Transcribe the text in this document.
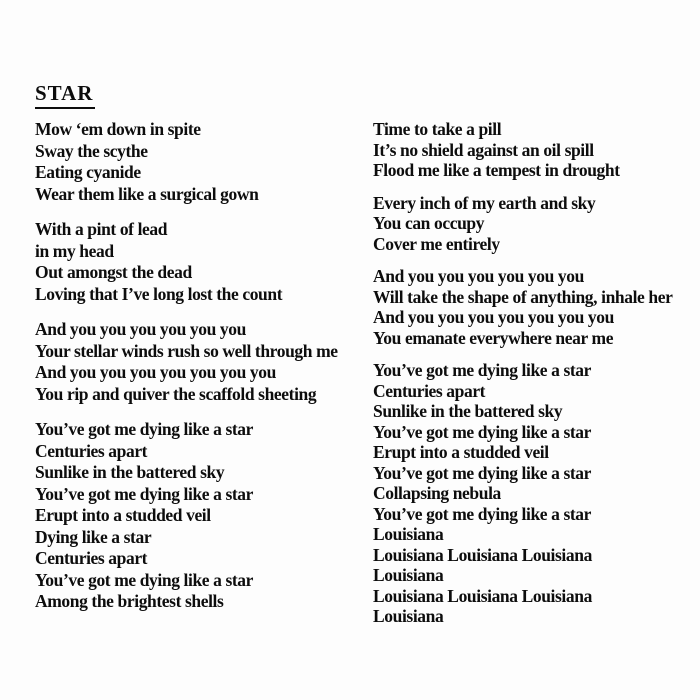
STAR
Mow ‘em down in spite
Sway the scythe
Eating cyanide
Wear them like a surgical gown
With a pint of lead
in my head
Out amongst the dead
Loving that I’ve long lost the count
And you you you you you you
Your stellar winds rush so well through me
And you you you you you you you
You rip and quiver the scaffold sheeting
You’ve got me dying like a star
Centuries apart
Sunlike in the battered sky
You’ve got me dying like a star
Erupt into a studded veil
Dying like a star
Centuries apart
You’ve got me dying like a star
Among the brightest shells
Time to take a pill
It’s no shield against an oil spill
Flood me like a tempest in drought
Every inch of my earth and sky
You can occupy
Cover me entirely
And you you you you you you
Will take the shape of anything, inhale her
And you you you you you you you
You emanate everywhere near me
You’ve got me dying like a star
Centuries apart
Sunlike in the battered sky
You’ve got me dying like a star
Erupt into a studded veil
You’ve got me dying like a star
Collapsing nebula
You’ve got me dying like a star
Louisiana
Louisiana Louisiana Louisiana
Louisiana
Louisiana Louisiana Louisiana
Louisiana
